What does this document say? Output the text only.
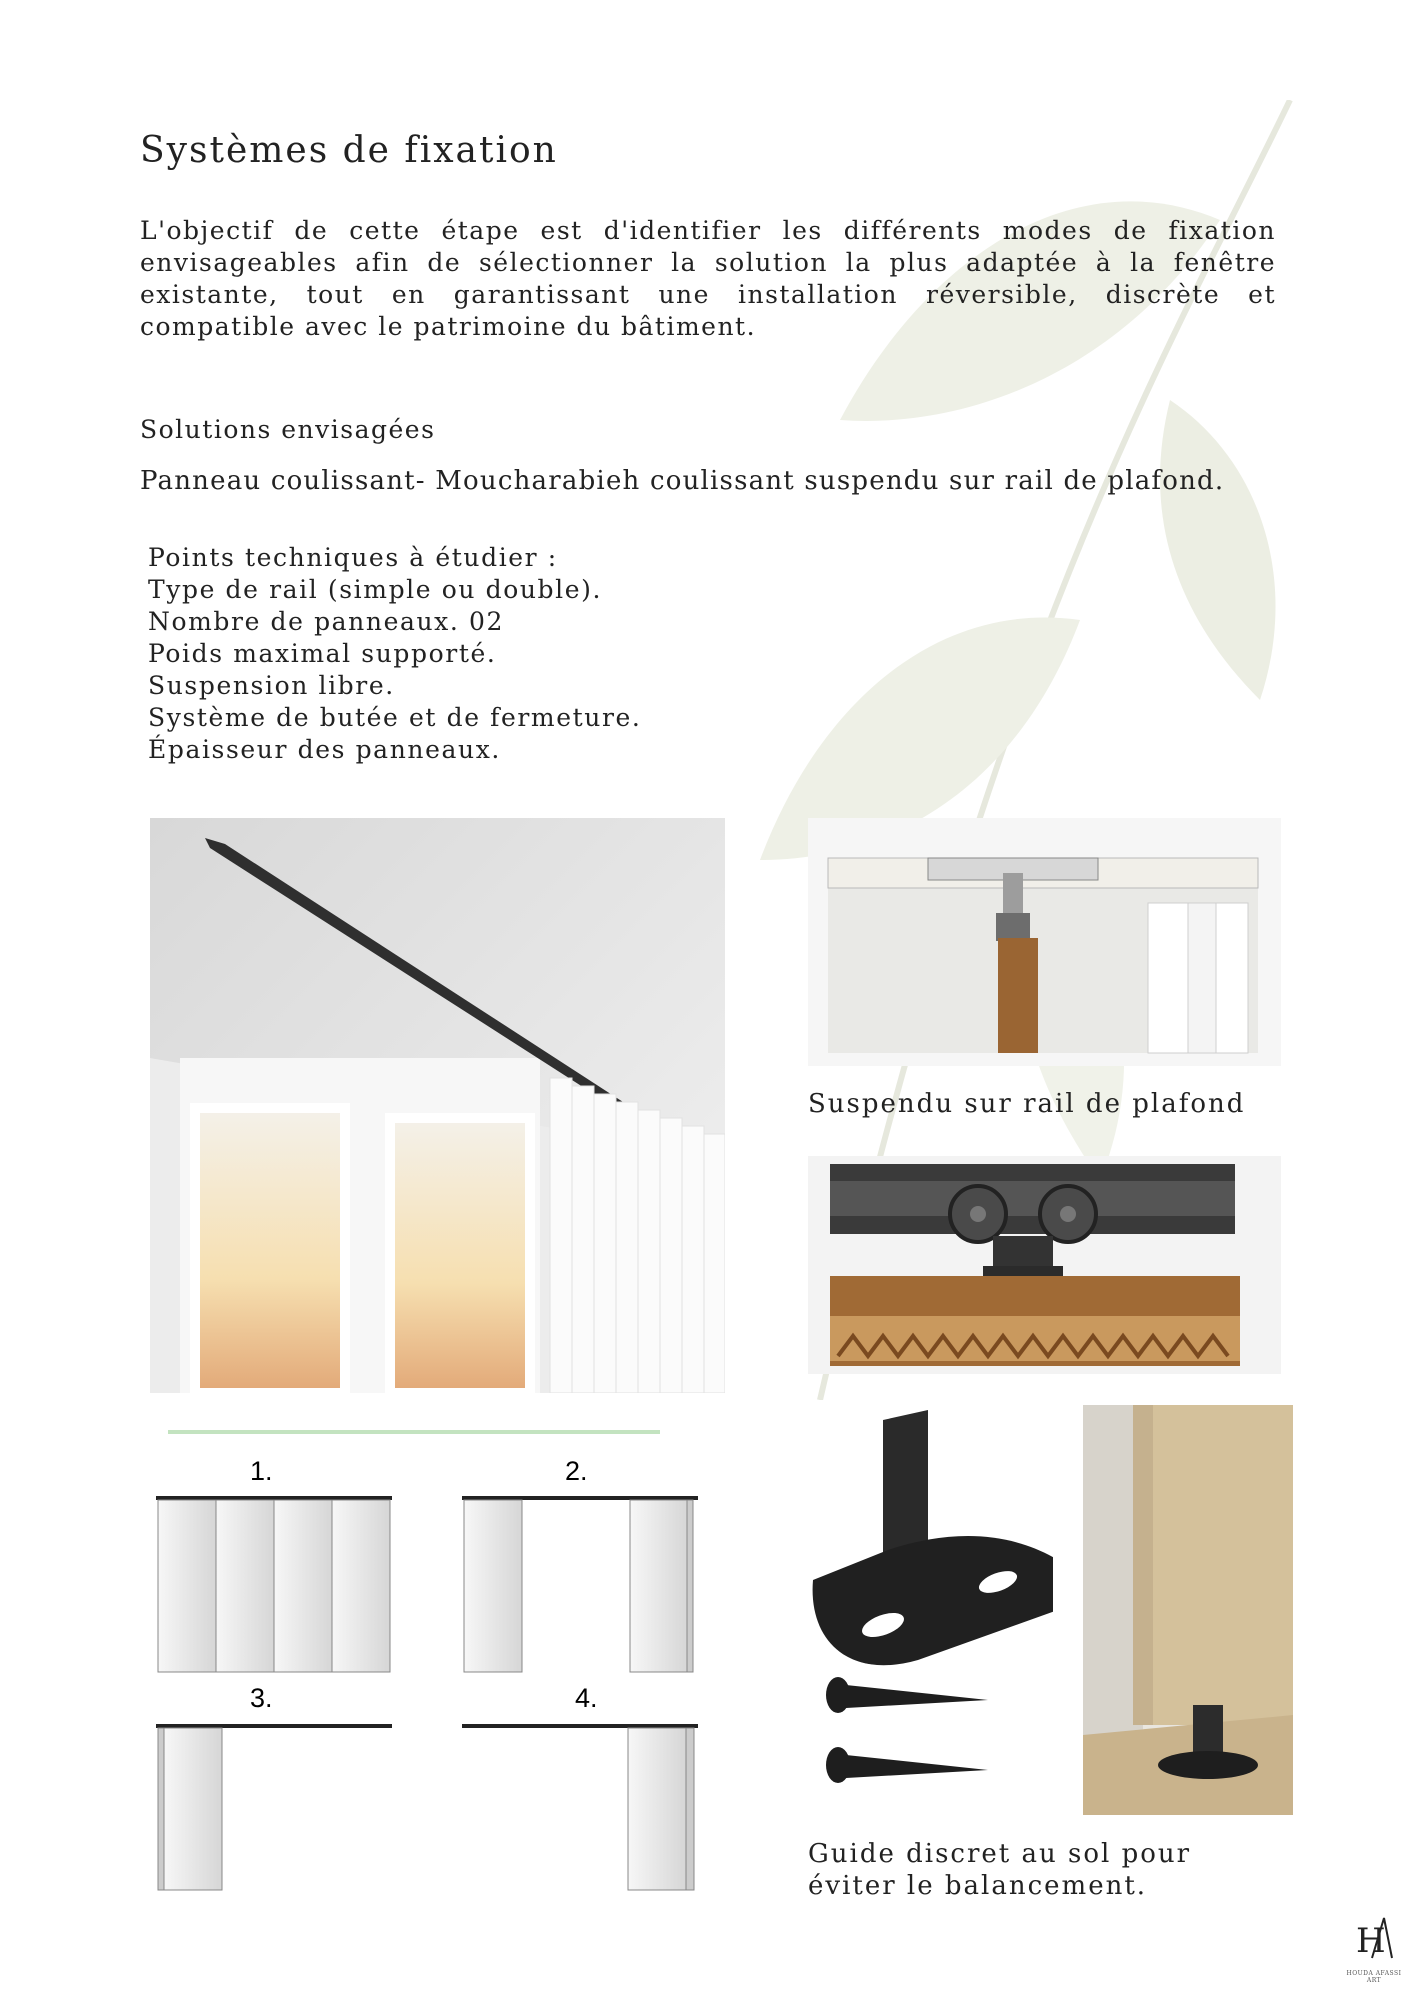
Systèmes de fixation

L'objectif de cette étape est d'identifier les différents modes de fixation envisageables afin de sélectionner la solution la plus adaptée à la fenêtre existante, tout en garantissant une installation réversible, discrète et compatible avec le patrimoine du bâtiment.

Solutions envisagées

Panneau coulissant- Moucharabieh coulissant suspendu sur rail de plafond.

Points techniques à étudier :
Type de rail (simple ou double).
Nombre de panneaux. 02
Poids maximal supporté.
Suspension libre.
Système de butée et de fermeture.
Épaisseur des panneaux.

Suspendu sur rail de plafond

1.	2.
3.	4.

Guide discret au sol pour éviter le balancement.

H
HOUDA AFASSI ART
